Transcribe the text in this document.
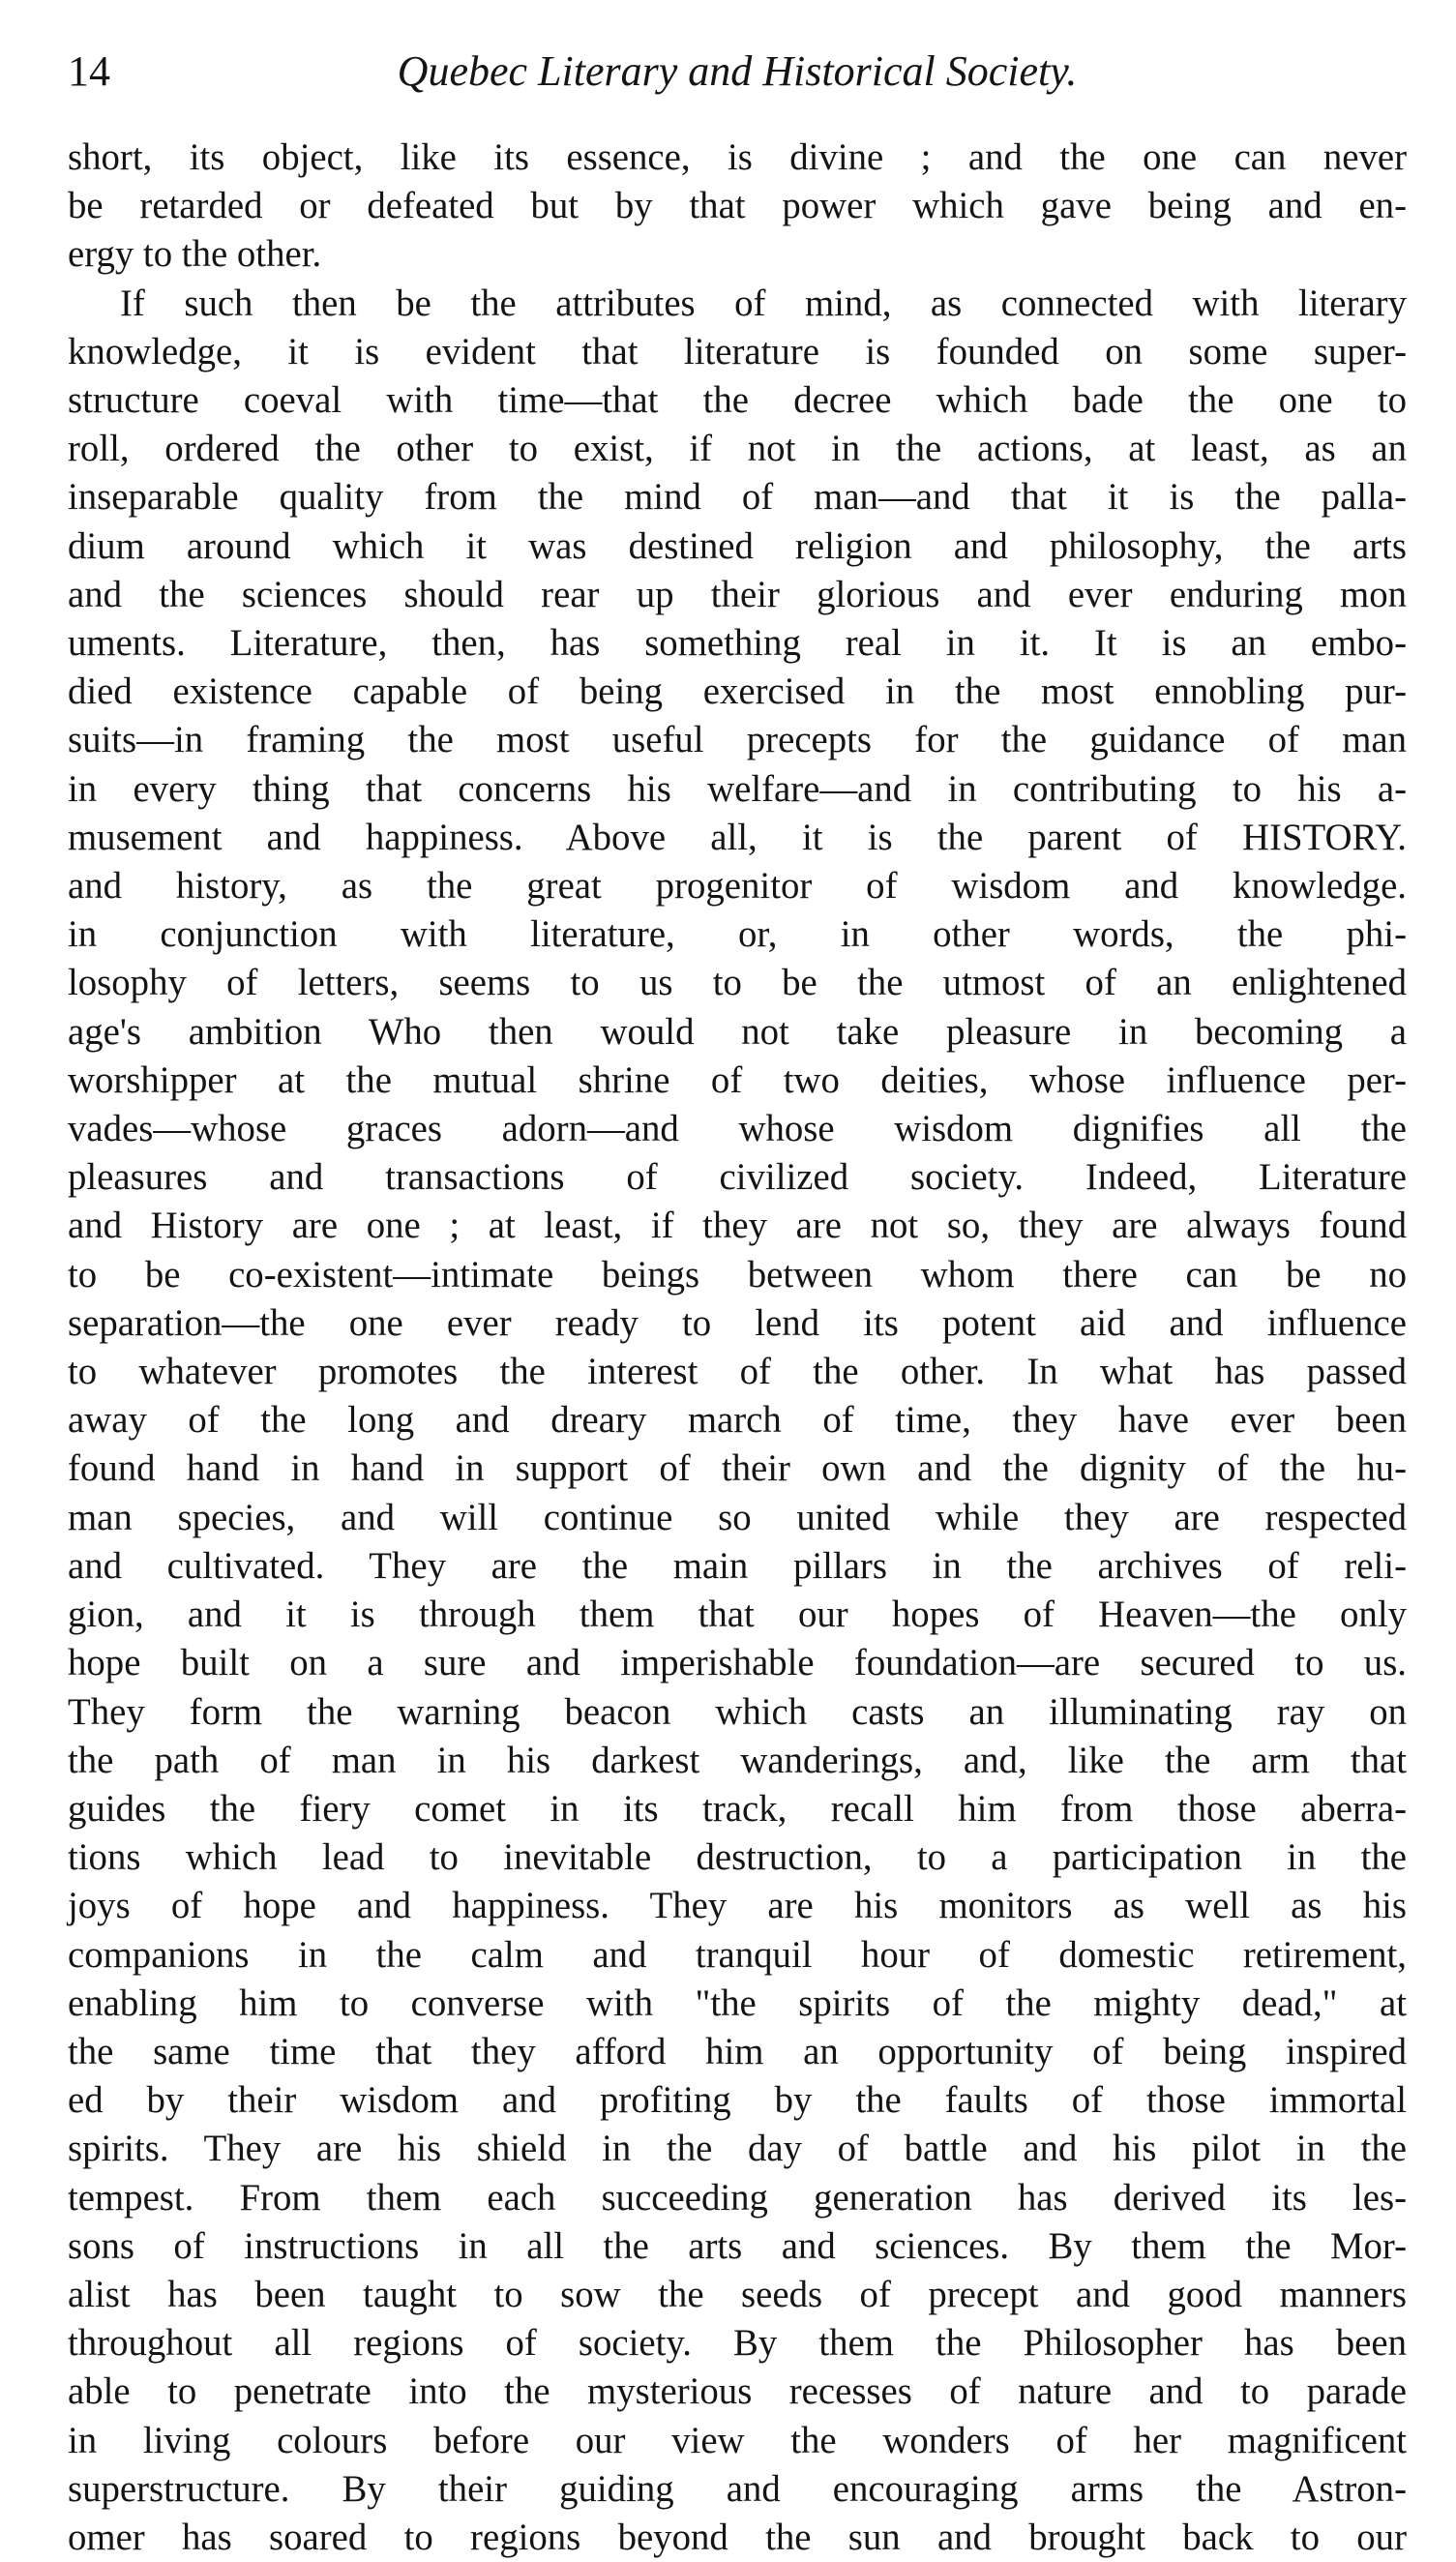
14	Quebec Literary and Historical Society.

short, its object, like its essence, is divine ; and the one can never
be retarded or defeated but by that power which gave being and en-
ergy to the other.

If such then be the attributes of mind, as connected with literary
knowledge, it is evident that literature is founded on some super-
structure coeval with time—that the decree which bade the one to
roll, ordered the other to exist, if not in the actions, at least, as an
inseparable quality from the mind of man—and that it is the palla-
dium around which it was destined religion and philosophy, the arts
and the sciences should rear up their glorious and ever enduring mon
uments. Literature, then, has something real in it. It is an embo-
died existence capable of being exercised in the most ennobling pur-
suits—in framing the most useful precepts for the guidance of man
in every thing that concerns his welfare—and in contributing to his a-
musement and happiness. Above all, it is the parent of HISTORY.
and history, as the great progenitor of wisdom and knowledge.
in conjunction with literature, or, in other words, the phi-
losophy of letters, seems to us to be the utmost of an enlightened
age's ambition Who then would not take pleasure in becoming a
worshipper at the mutual shrine of two deities, whose influence per-
vades—whose graces adorn—and whose wisdom dignifies all the
pleasures and transactions of civilized society. Indeed, Literature
and History are one ; at least, if they are not so, they are always found
to be co-existent—intimate beings between whom there can be no
separation—the one ever ready to lend its potent aid and influence
to whatever promotes the interest of the other. In what has passed
away of the long and dreary march of time, they have ever been
found hand in hand in support of their own and the dignity of the hu-
man species, and will continue so united while they are respected
and cultivated. They are the main pillars in the archives of reli-
gion, and it is through them that our hopes of Heaven—the only
hope built on a sure and imperishable foundation—are secured to us.
They form the warning beacon which casts an illuminating ray on
the path of man in his darkest wanderings, and, like the arm that
guides the fiery comet in its track, recall him from those aberra-
tions which lead to inevitable destruction, to a participation in the
joys of hope and happiness. They are his monitors as well as his
companions in the calm and tranquil hour of domestic retirement,
enabling him to converse with "the spirits of the mighty dead," at
the same time that they afford him an opportunity of being inspired
ed by their wisdom and profiting by the faults of those immortal
spirits. They are his shield in the day of battle and his pilot in the
tempest. From them each succeeding generation has derived its les-
sons of instructions in all the arts and sciences. By them the Mor-
alist has been taught to sow the seeds of precept and good manners
throughout all regions of society. By them the Philosopher has been
able to penetrate into the mysterious recesses of nature and to parade
in living colours before our view the wonders of her magnificent
superstructure. By their guiding and encouraging arms the Astron-
omer has soared to regions beyond the sun and brought back to our
